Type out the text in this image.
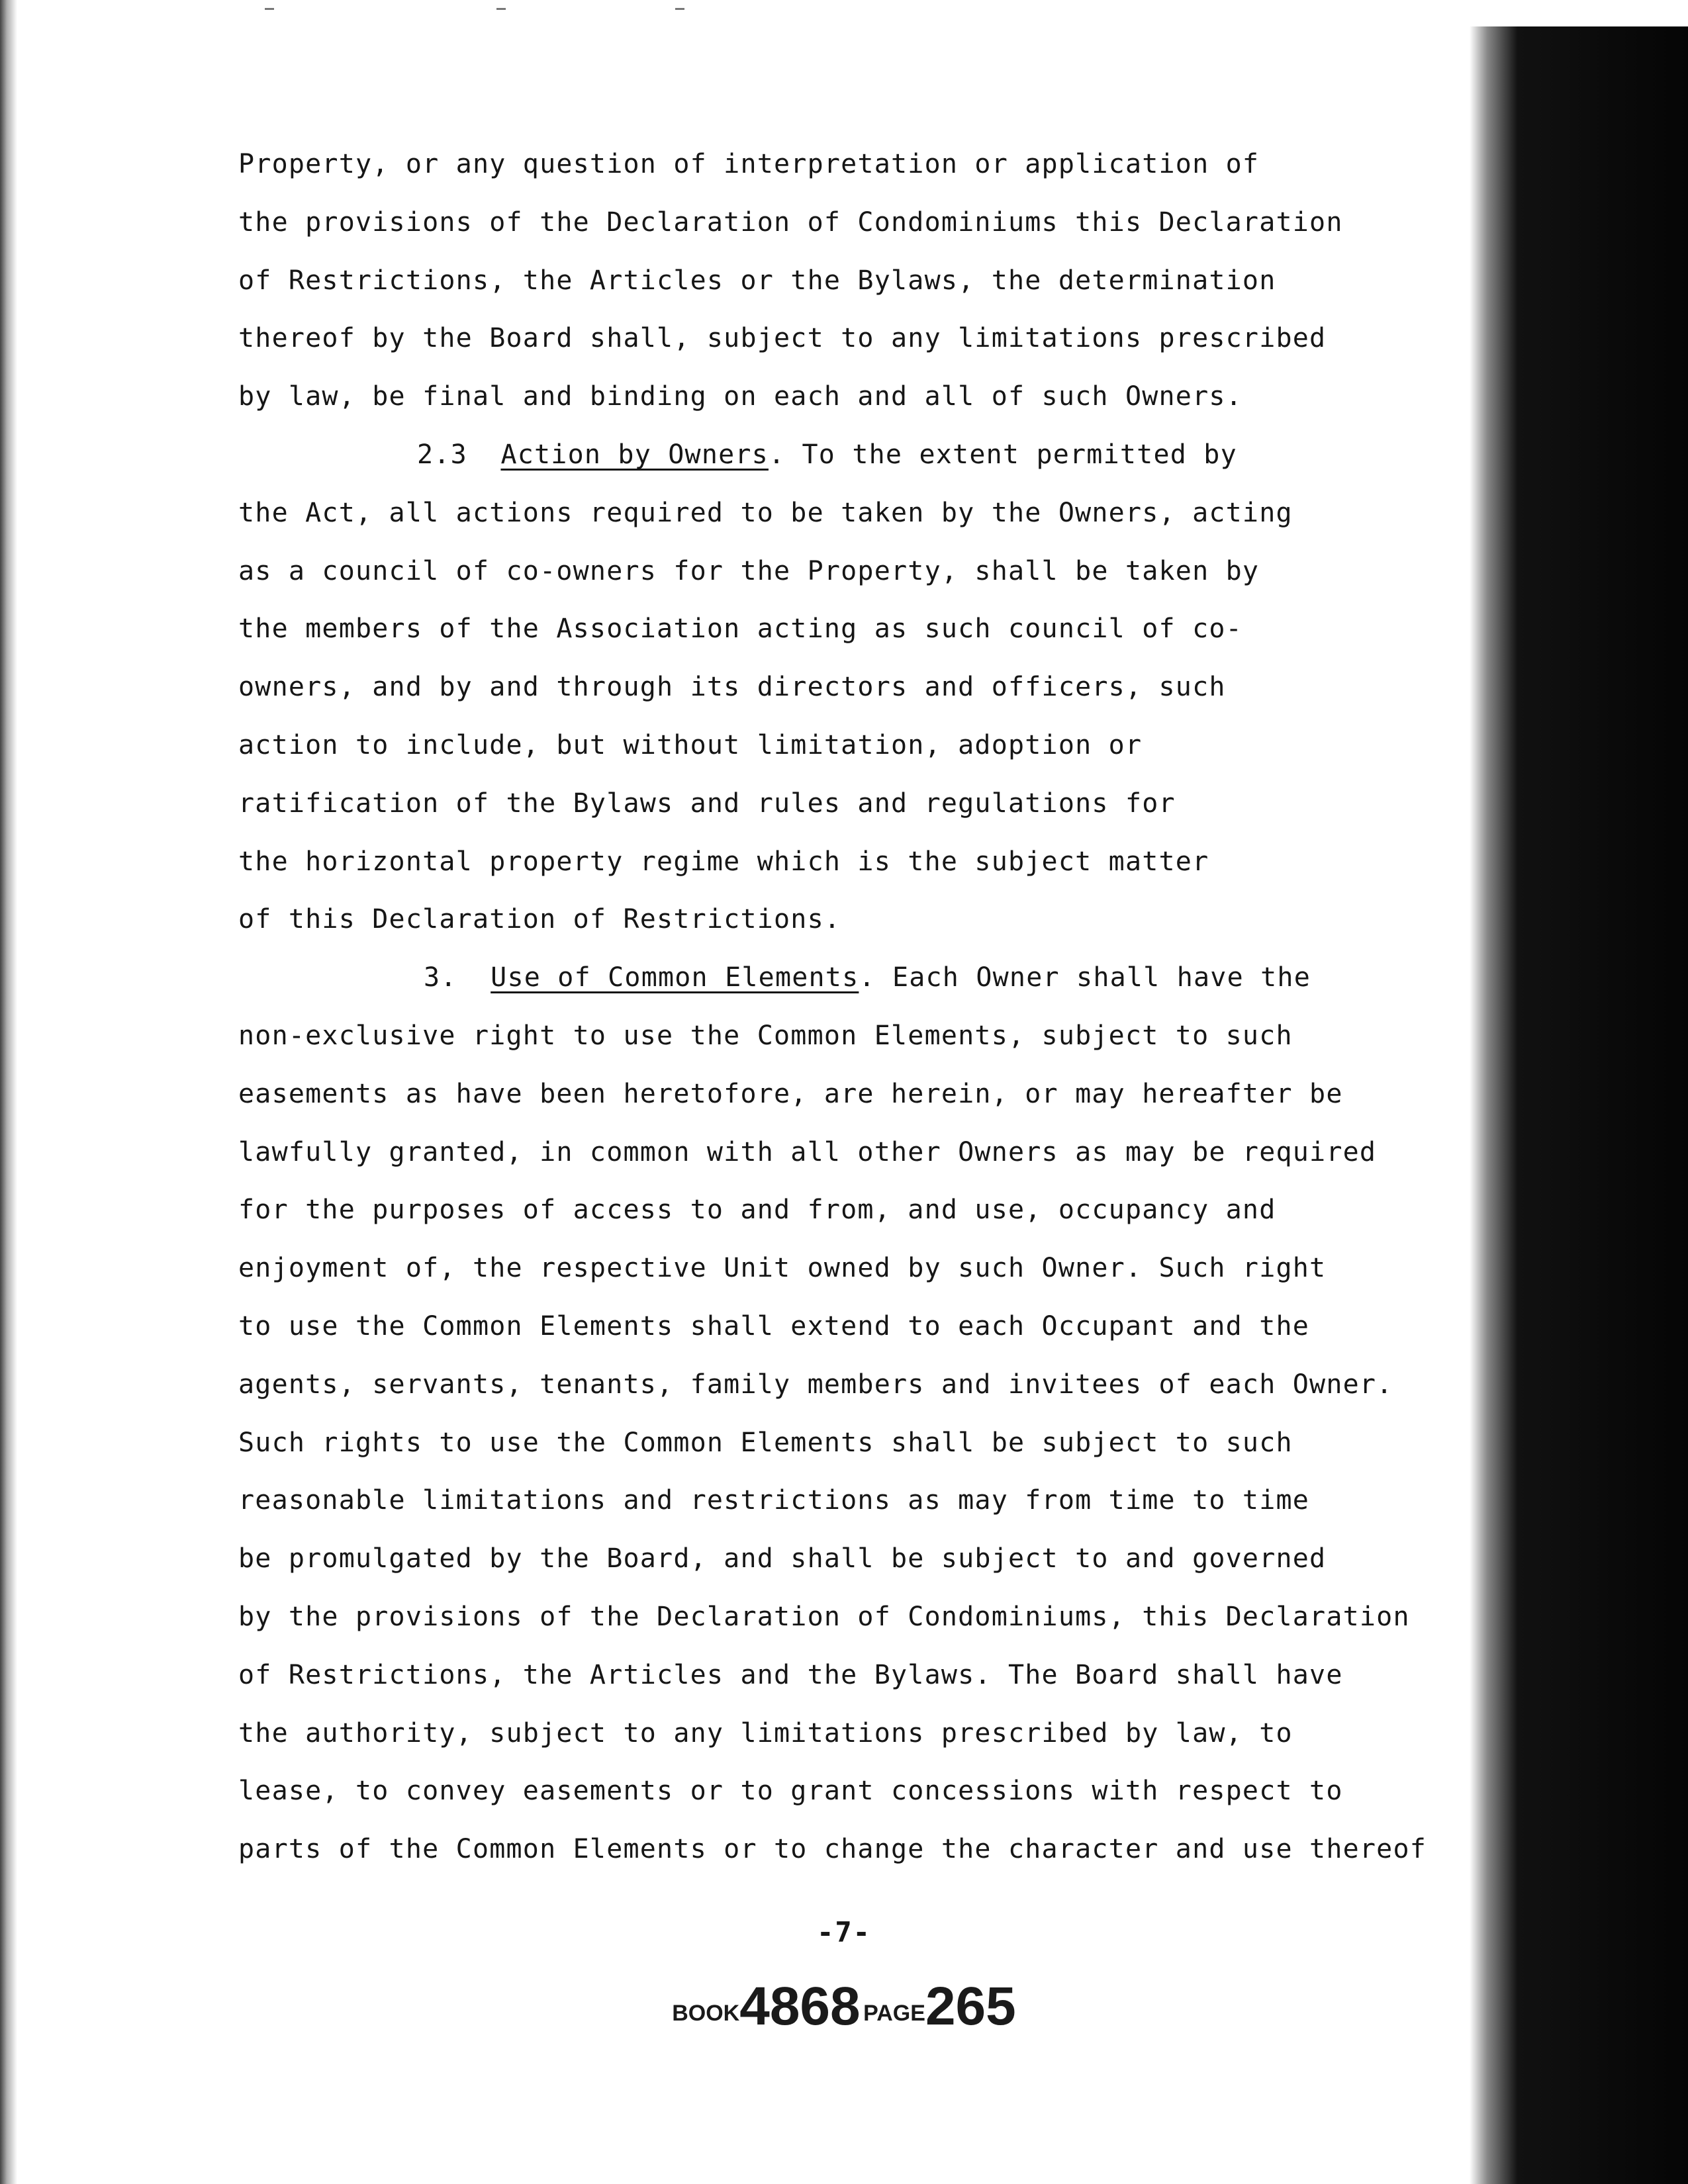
Property, or any question of interpretation or application of
the provisions of the Declaration of Condominiums this Declaration
of Restrictions, the Articles or the Bylaws, the determination
thereof by the Board shall, subject to any limitations prescribed
by law, be final and binding on each and all of such Owners.
2.3 Action by Owners. To the extent permitted by
the Act, all actions required to be taken by the Owners, acting
as a council of co-owners for the Property, shall be taken by
the members of the Association acting as such council of co-
owners, and by and through its directors and officers, such
action to include, but without limitation, adoption or
ratification of the Bylaws and rules and regulations for
the horizontal property regime which is the subject matter
of this Declaration of Restrictions.
3. Use of Common Elements. Each Owner shall have the
non-exclusive right to use the Common Elements, subject to such
easements as have been heretofore, are herein, or may hereafter be
lawfully granted, in common with all other Owners as may be required
for the purposes of access to and from, and use, occupancy and
enjoyment of, the respective Unit owned by such Owner. Such right
to use the Common Elements shall extend to each Occupant and the
agents, servants, tenants, family members and invitees of each Owner.
Such rights to use the Common Elements shall be subject to such
reasonable limitations and restrictions as may from time to time
be promulgated by the Board, and shall be subject to and governed
by the provisions of the Declaration of Condominiums, this Declaration
of Restrictions, the Articles and the Bylaws. The Board shall have
the authority, subject to any limitations prescribed by law, to
lease, to convey easements or to grant concessions with respect to
parts of the Common Elements or to change the character and use thereof
-7-
BOOK4868 PAGE265
